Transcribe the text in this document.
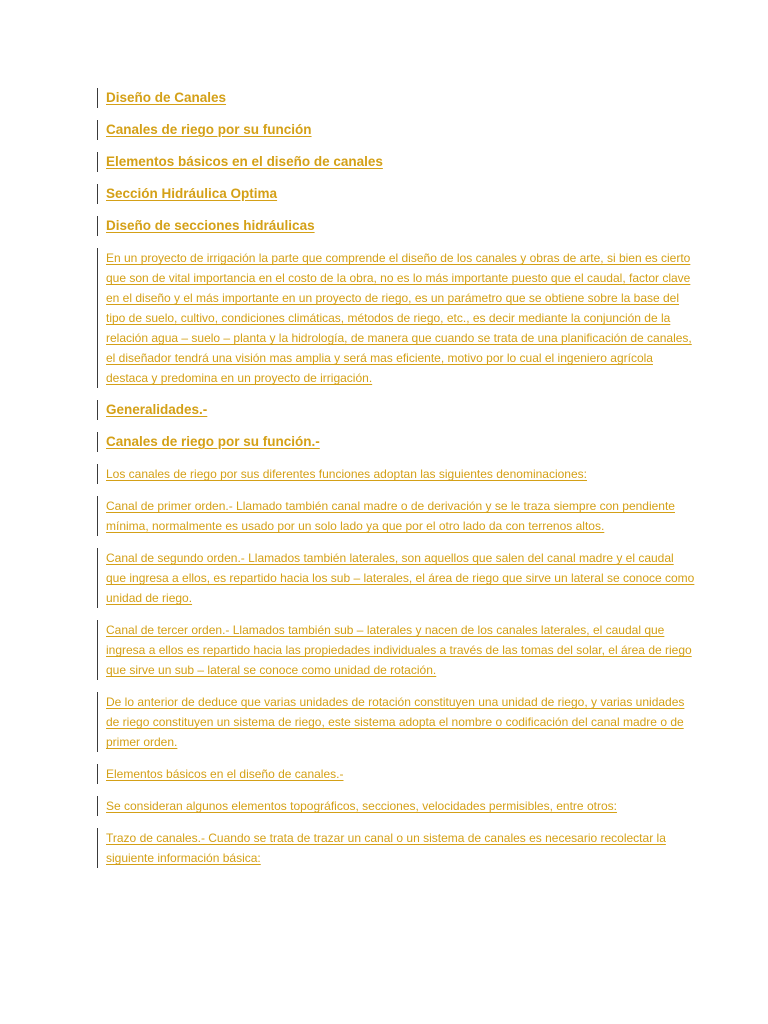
Diseño de Canales
Canales de riego por su función
Elementos básicos en el diseño de canales
Sección Hidráulica Optima
Diseño de secciones hidráulicas
En un proyecto de irrigación la parte que comprende el diseño de los canales y obras de arte, si bien es cierto que son de vital importancia en el costo de la obra, no es lo más importante puesto que el caudal, factor clave en el diseño y el más importante en un proyecto de riego, es un parámetro que se obtiene sobre la base del tipo de suelo, cultivo, condiciones climáticas, métodos de riego, etc., es decir mediante la conjunción de la relación agua – suelo – planta y la hidrología, de manera que cuando se trata de una planificación de canales, el diseñador tendrá una visión mas amplia y será mas eficiente, motivo por lo cual el ingeniero agrícola destaca y predomina en un proyecto de irrigación.
Generalidades.-
Canales de riego por su función.-
Los canales de riego por sus diferentes funciones adoptan las siguientes denominaciones:
Canal de primer orden.- Llamado también canal madre o de derivación y se le traza siempre con pendiente mínima, normalmente es usado por un solo lado ya que por el otro lado da con terrenos altos.
Canal de segundo orden.- Llamados también laterales, son aquellos que salen del canal madre y el caudal que ingresa a ellos, es repartido hacia los sub – laterales, el área de riego que sirve un lateral se conoce como unidad de riego.
Canal de tercer orden.- Llamados también sub – laterales y nacen de los canales laterales, el caudal que ingresa a ellos es repartido hacia las propiedades individuales a través de las tomas del solar, el área de riego que sirve un sub – lateral se conoce como unidad de rotación.
De lo anterior de deduce que varias unidades de rotación constituyen una unidad de riego, y varias unidades de riego constituyen un sistema de riego, este sistema adopta el nombre o codificación del canal madre o de primer orden.
Elementos básicos en el diseño de canales.-
Se consideran algunos elementos topográficos, secciones, velocidades permisibles, entre otros:
Trazo de canales.- Cuando se trata de trazar un canal o un sistema de canales es necesario recolectar la siguiente información básica:
